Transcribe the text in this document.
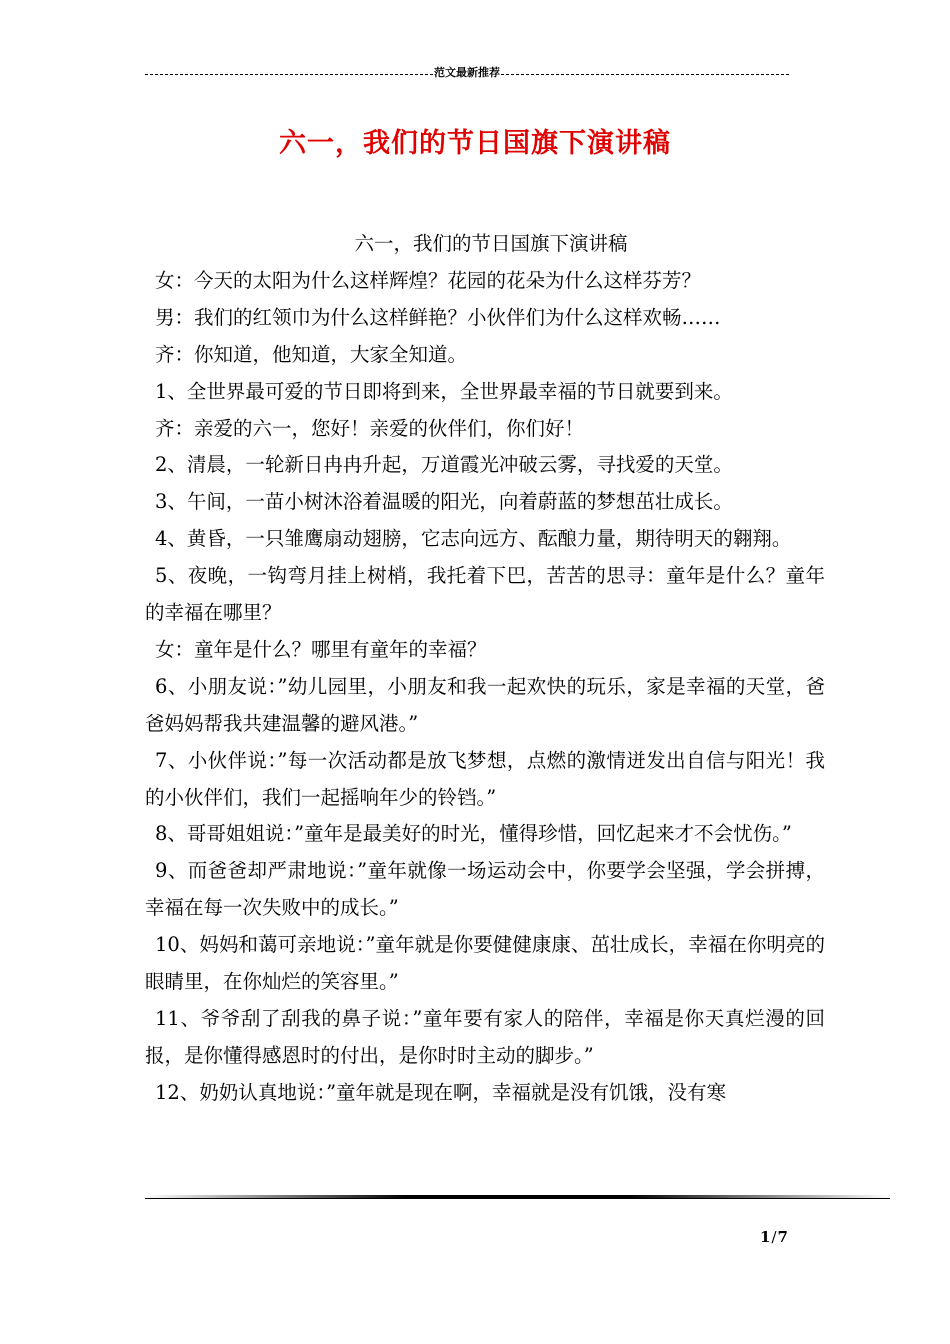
范文最新推荐
六一，我们的节日国旗下演讲稿

六一，我们的节日国旗下演讲稿

女：今天的太阳为什么这样辉煌？花园的花朵为什么这样芬芳？

男：我们的红领巾为什么这样鲜艳？小伙伴们为什么这样欢畅……

齐：你知道，他知道，大家全知道。

1、全世界最可爱的节日即将到来，全世界最幸福的节日就要到来。

齐：亲爱的六一，您好！亲爱的伙伴们，你们好！

2、清晨，一轮新日冉冉升起，万道霞光冲破云雾，寻找爱的天堂。

3、午间，一苗小树沐浴着温暖的阳光，向着蔚蓝的梦想茁壮成长。

4、黄昏，一只雏鹰扇动翅膀，它志向远方、酝酿力量，期待明天的翱翔。

5、夜晚，一钩弯月挂上树梢，我托着下巴，苦苦的思寻：童年是什么？童年的幸福在哪里？

女：童年是什么？哪里有童年的幸福？

6、小朋友说：”幼儿园里，小朋友和我一起欢快的玩乐，家是幸福的天堂，爸爸妈妈帮我共建温馨的避风港。”

7、小伙伴说：”每一次活动都是放飞梦想，点燃的激情迸发出自信与阳光！我的小伙伴们，我们一起摇响年少的铃铛。”

8、哥哥姐姐说：”童年是最美好的时光，懂得珍惜，回忆起来才不会忧伤。”

9、而爸爸却严肃地说：”童年就像一场运动会中，你要学会坚强，学会拼搏，幸福在每一次失败中的成长。”

10、妈妈和蔼可亲地说：”童年就是你要健健康康、茁壮成长，幸福在你明亮的眼睛里，在你灿烂的笑容里。”

11、爷爷刮了刮我的鼻子说：”童年要有家人的陪伴，幸福是你天真烂漫的回报，是你懂得感恩时的付出，是你时时主动的脚步。”

12、奶奶认真地说：”童年就是现在啊，幸福就是没有饥饿，没有寒

1/7
